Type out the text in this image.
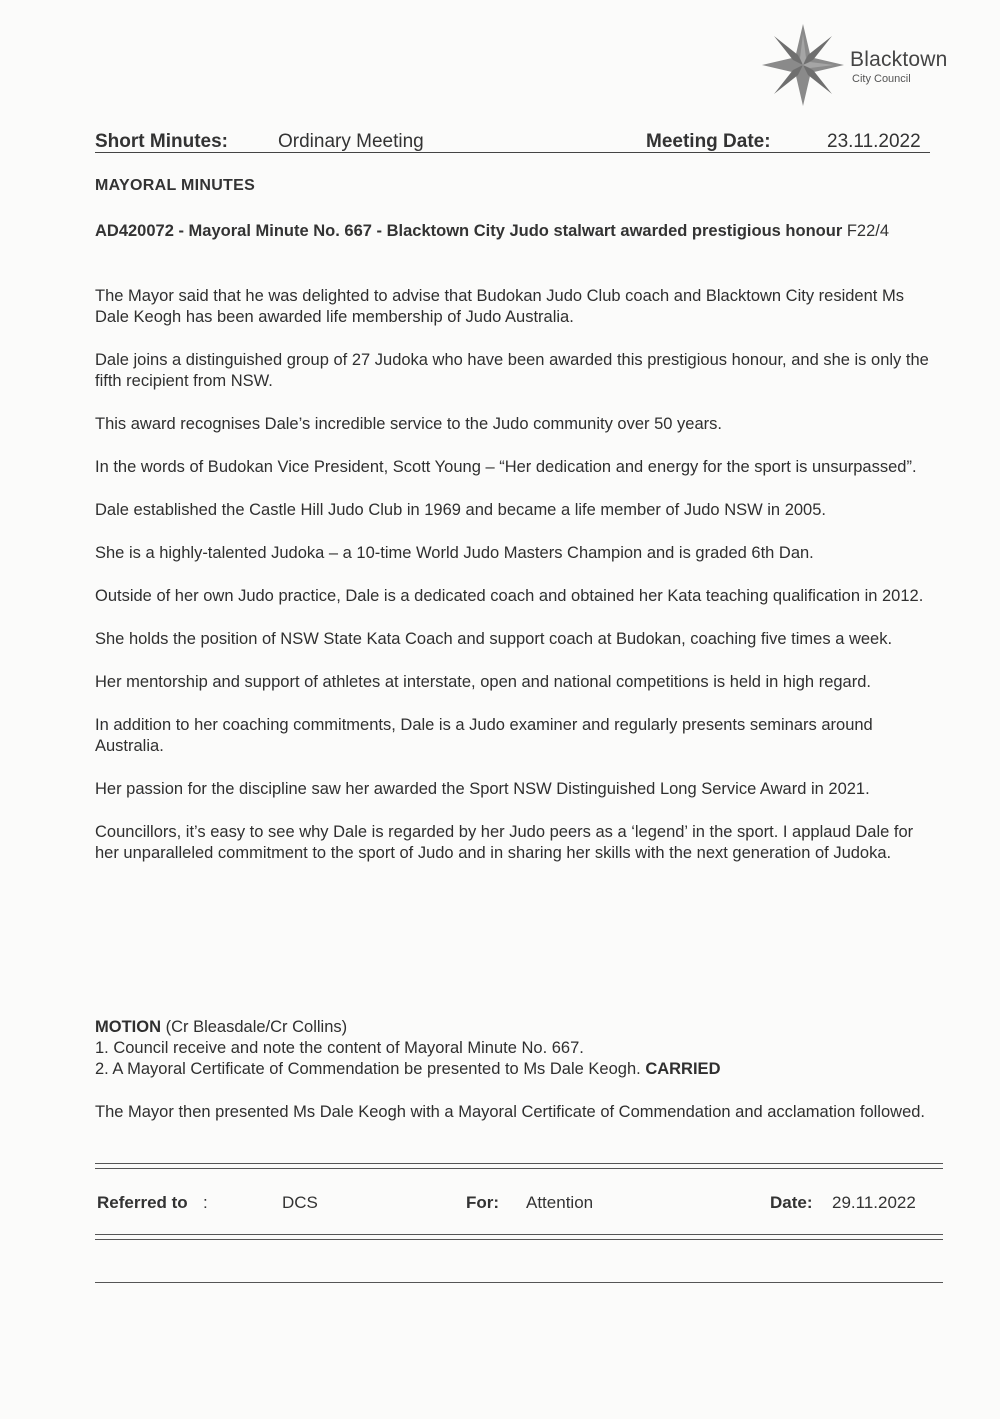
Blacktown
City Council
Short Minutes:	Ordinary Meeting	Meeting Date:	23.11.2022
MAYORAL MINUTES
AD420072 - Mayoral Minute No. 667 - Blacktown City Judo stalwart awarded prestigious honour F22/4

The Mayor said that he was delighted to advise that Budokan Judo Club coach and Blacktown City resident Ms Dale Keogh has been awarded life membership of Judo Australia.

Dale joins a distinguished group of 27 Judoka who have been awarded this prestigious honour, and she is only the fifth recipient from NSW.

This award recognises Dale’s incredible service to the Judo community over 50 years.

In the words of Budokan Vice President, Scott Young – “Her dedication and energy for the sport is unsurpassed”.

Dale established the Castle Hill Judo Club in 1969 and became a life member of Judo NSW in 2005.

She is a highly-talented Judoka – a 10-time World Judo Masters Champion and is graded 6th Dan.

Outside of her own Judo practice, Dale is a dedicated coach and obtained her Kata teaching qualification in 2012.

She holds the position of NSW State Kata Coach and support coach at Budokan, coaching five times a week.

Her mentorship and support of athletes at interstate, open and national competitions is held in high regard.

In addition to her coaching commitments, Dale is a Judo examiner and regularly presents seminars around Australia.

Her passion for the discipline saw her awarded the Sport NSW Distinguished Long Service Award in 2021.

Councillors, it’s easy to see why Dale is regarded by her Judo peers as a ‘legend’ in the sport. I applaud Dale for her unparalleled commitment to the sport of Judo and in sharing her skills with the next generation of Judoka.

MOTION (Cr Bleasdale/Cr Collins)
1. Council receive and note the content of Mayoral Minute No. 667.
2. A Mayoral Certificate of Commendation be presented to Ms Dale Keogh. CARRIED
The Mayor then presented Ms Dale Keogh with a Mayoral Certificate of Commendation and acclamation followed.
Referred to :	DCS	For: Attention	Date: 29.11.2022
